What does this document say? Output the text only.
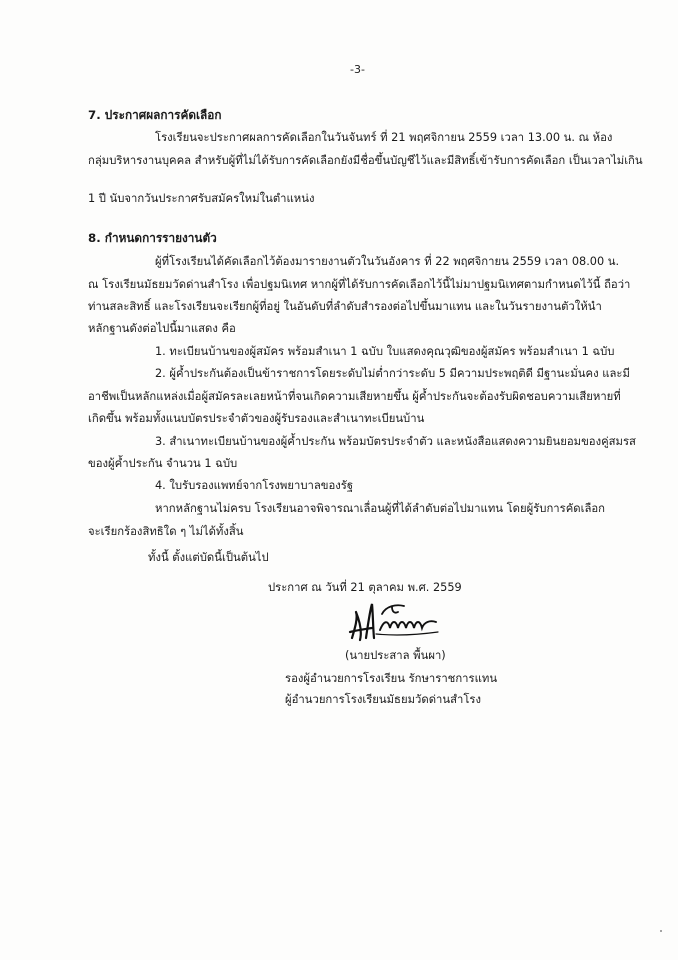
-3-
7. ประกาศผลการคัดเลือก
โรงเรียนจะประกาศผลการคัดเลือกในวันจันทร์ ที่ 21 พฤศจิกายน 2559 เวลา 13.00 น. ณ ห้อง
กลุ่มบริหารงานบุคคล สำหรับผู้ที่ไม่ได้รับการคัดเลือกยังมีชื่อขึ้นบัญชีไว้และมีสิทธิ์เข้ารับการคัดเลือก เป็นเวลาไม่เกิน
1 ปี นับจากวันประกาศรับสมัครใหม่ในตำแหน่ง
8. กำหนดการรายงานตัว
ผู้ที่โรงเรียนได้คัดเลือกไว้ต้องมารายงานตัวในวันอังคาร ที่ 22 พฤศจิกายน 2559 เวลา 08.00 น.
ณ โรงเรียนมัธยมวัดด่านสำโรง เพื่อปฐมนิเทศ หากผู้ที่ได้รับการคัดเลือกไว้นี้ไม่มาปฐมนิเทศตามกำหนดไว้นี้ ถือว่า
ท่านสละสิทธิ์ และโรงเรียนจะเรียกผู้ที่อยู่ ในอันดับที่ลำดับสำรองต่อไปขึ้นมาแทน และในวันรายงานตัวให้นำ
หลักฐานดังต่อไปนี้มาแสดง คือ
1. ทะเบียนบ้านของผู้สมัคร พร้อมสำเนา 1 ฉบับ ใบแสดงคุณวุฒิของผู้สมัคร พร้อมสำเนา 1 ฉบับ
2. ผู้ค้ำประกันต้องเป็นข้าราชการโดยระดับไม่ต่ำกว่าระดับ 5 มีความประพฤติดี มีฐานะมั่นคง และมี
อาชีพเป็นหลักแหล่งเมื่อผู้สมัครละเลยหน้าที่จนเกิดความเสียหายขึ้น ผู้ค้ำประกันจะต้องรับผิดชอบความเสียหายที่
เกิดขึ้น พร้อมทั้งแนบบัตรประจำตัวของผู้รับรองและสำเนาทะเบียนบ้าน
3. สำเนาทะเบียนบ้านของผู้ค้ำประกัน พร้อมบัตรประจำตัว และหนังสือแสดงความยินยอมของคู่สมรส
ของผู้ค้ำประกัน จำนวน 1 ฉบับ
4. ใบรับรองแพทย์จากโรงพยาบาลของรัฐ
หากหลักฐานไม่ครบ โรงเรียนอาจพิจารณาเลื่อนผู้ที่ได้ลำดับต่อไปมาแทน โดยผู้รับการคัดเลือก
จะเรียกร้องสิทธิใด ๆ ไม่ได้ทั้งสิ้น
ทั้งนี้ ตั้งแต่บัดนี้เป็นต้นไป
ประกาศ ณ วันที่ 21 ตุลาคม พ.ศ. 2559
(นายประสาล พื้นผา)
รองผู้อำนวยการโรงเรียน รักษาราชการแทน
ผู้อำนวยการโรงเรียนมัธยมวัดด่านสำโรง
